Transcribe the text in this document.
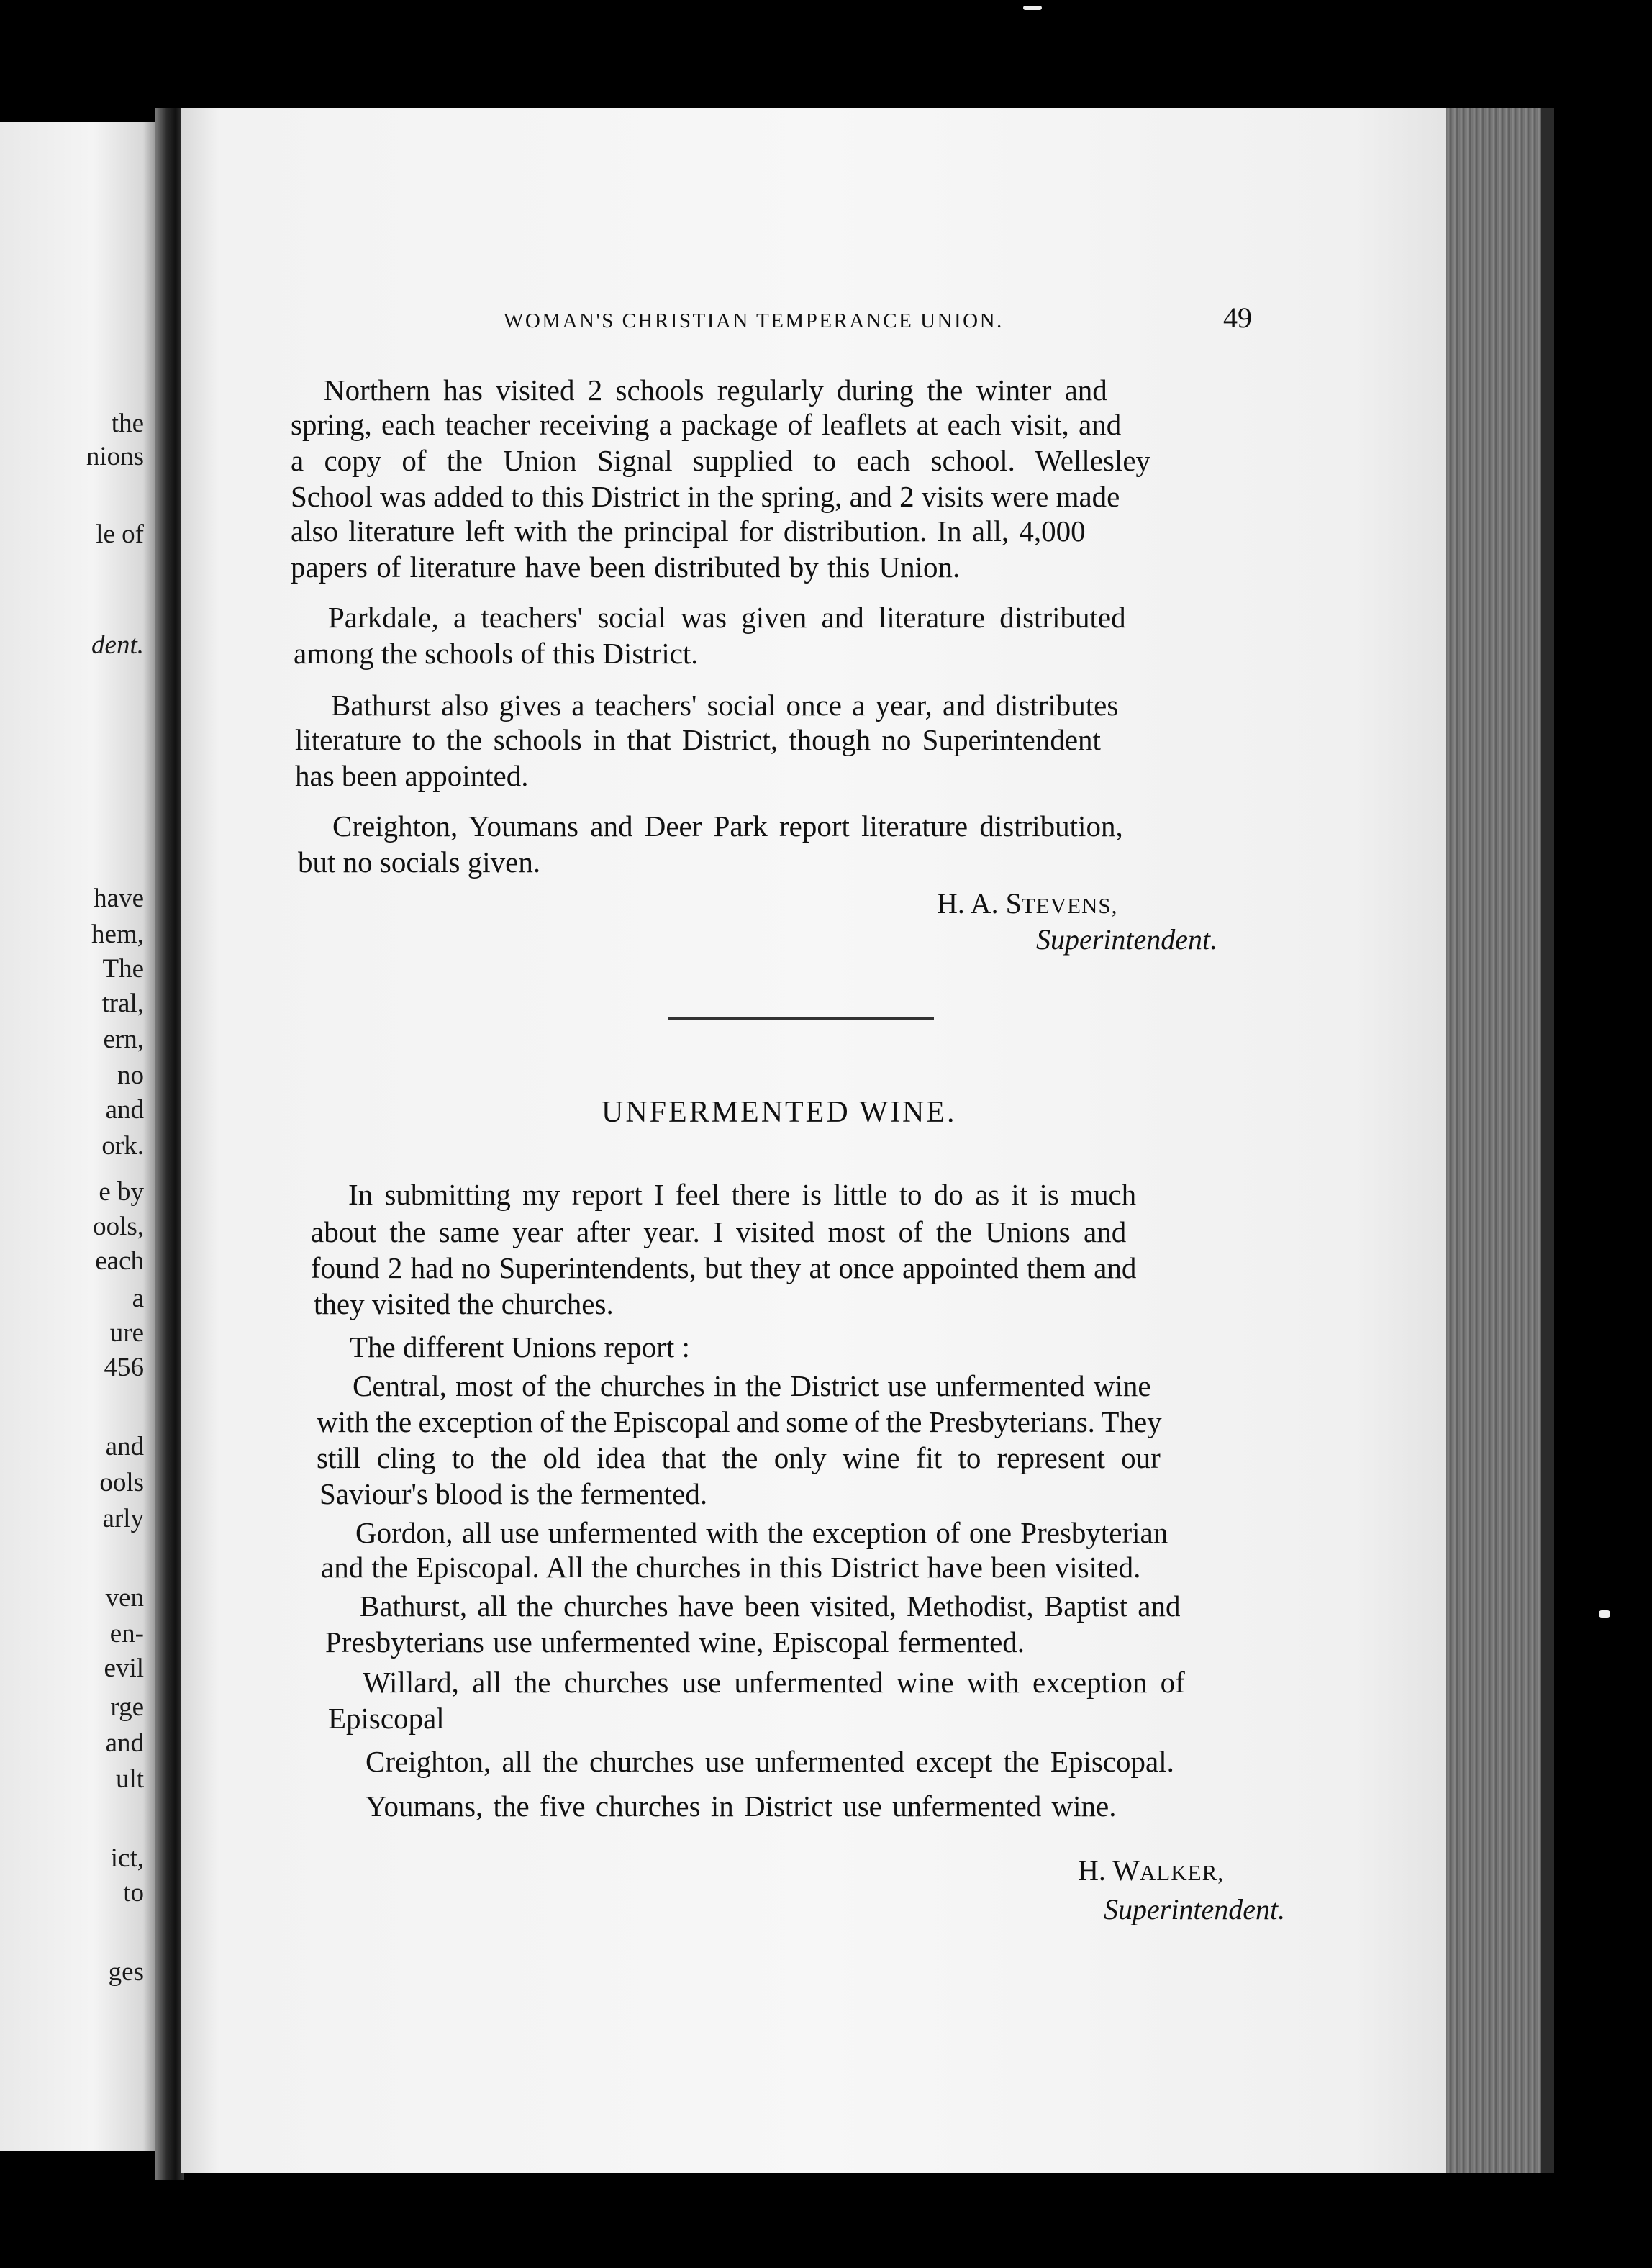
the
nions
le of
dent.
have
hem,
The
tral,
ern,
no
and
ork.
e by
ools,
each
a
ure
456
and
ools
arly
ven
en-
evil
rge
and
ult
ict,
to
ges
WOMAN'S CHRISTIAN TEMPERANCE UNION.	49
Northern has visited 2 schools regularly during the winter and
spring, each teacher receiving a package of leaflets at each visit, and
a copy of the Union Signal supplied to each school. Wellesley
School was added to this District in the spring, and 2 visits were made
also literature left with the principal for distribution. In all, 4,000
papers of literature have been distributed by this Union.
Parkdale, a teachers' social was given and literature distributed
among the schools of this District.
Bathurst also gives a teachers' social once a year, and distributes
literature to the schools in that District, though no Superintendent
has been appointed.
Creighton, Youmans and Deer Park report literature distribution,
but no socials given.
H. A. STEVENS,
Superintendent.
UNFERMENTED WINE.
In submitting my report I feel there is little to do as it is much
about the same year after year. I visited most of the Unions and
found 2 had no Superintendents, but they at once appointed them and
they visited the churches.
The different Unions report :
Central, most of the churches in the District use unfermented wine
with the exception of the Episcopal and some of the Presbyterians. They
still cling to the old idea that the only wine fit to represent our
Saviour's blood is the fermented.
Gordon, all use unfermented with the exception of one Presbyterian
and the Episcopal. All the churches in this District have been visited.
Bathurst, all the churches have been visited, Methodist, Baptist and
Presbyterians use unfermented wine, Episcopal fermented.
Willard, all the churches use unfermented wine with exception of
Episcopal
Creighton, all the churches use unfermented except the Episcopal.
Youmans, the five churches in District use unfermented wine.
H. WALKER,
Superintendent.
